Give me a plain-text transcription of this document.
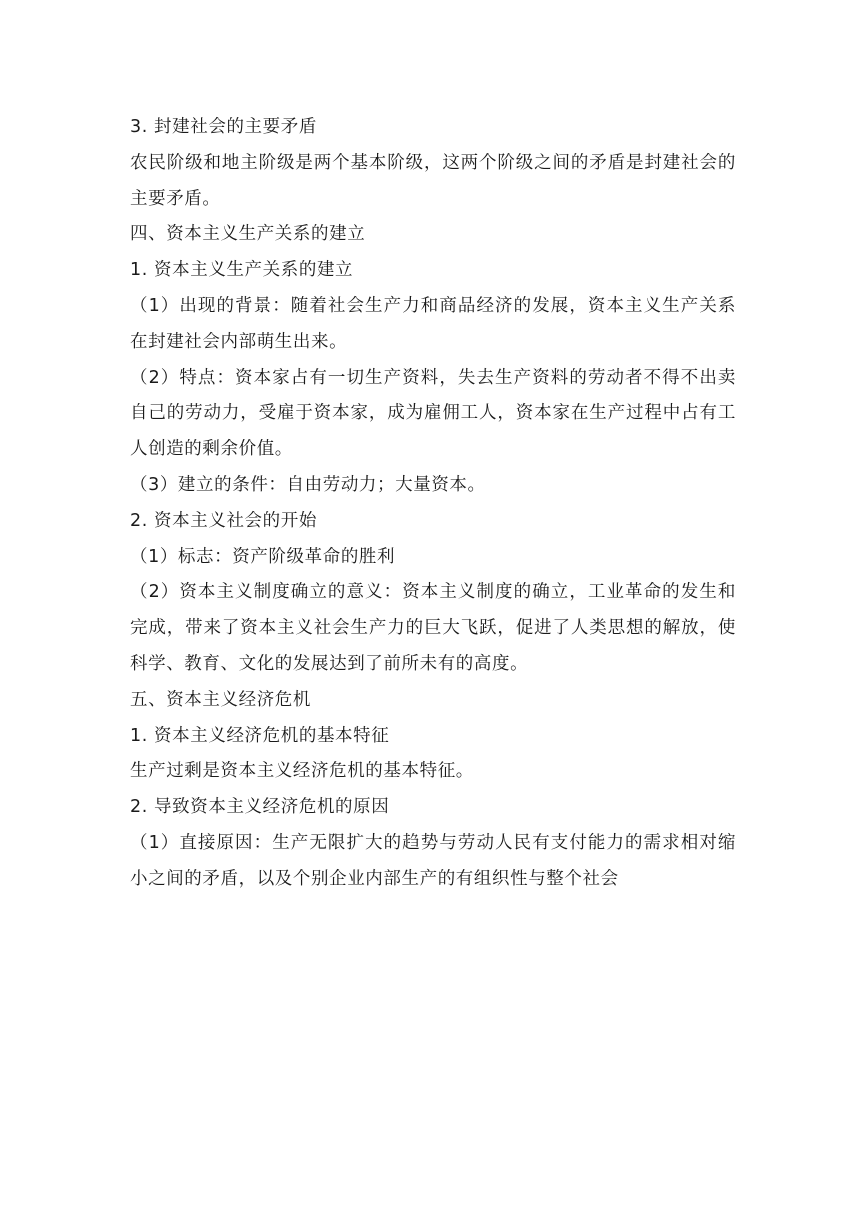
3. 封建社会的主要矛盾

农民阶级和地主阶级是两个基本阶级，这两个阶级之间的矛盾是封建社会的主要矛盾。

四、资本主义生产关系的建立

1. 资本主义生产关系的建立

（1）出现的背景：随着社会生产力和商品经济的发展，资本主义生产关系在封建社会内部萌生出来。

（2）特点：资本家占有一切生产资料，失去生产资料的劳动者不得不出卖自己的劳动力，受雇于资本家，成为雇佣工人，资本家在生产过程中占有工人创造的剩余价值。

（3）建立的条件：自由劳动力；大量资本。

2. 资本主义社会的开始

（1）标志：资产阶级革命的胜利

（2）资本主义制度确立的意义：资本主义制度的确立，工业革命的发生和完成，带来了资本主义社会生产力的巨大飞跃，促进了人类思想的解放，使科学、教育、文化的发展达到了前所未有的高度。

五、资本主义经济危机

1. 资本主义经济危机的基本特征

生产过剩是资本主义经济危机的基本特征。

2. 导致资本主义经济危机的原因

（1）直接原因：生产无限扩大的趋势与劳动人民有支付能力的需求相对缩小之间的矛盾，以及个别企业内部生产的有组织性与整个社会
